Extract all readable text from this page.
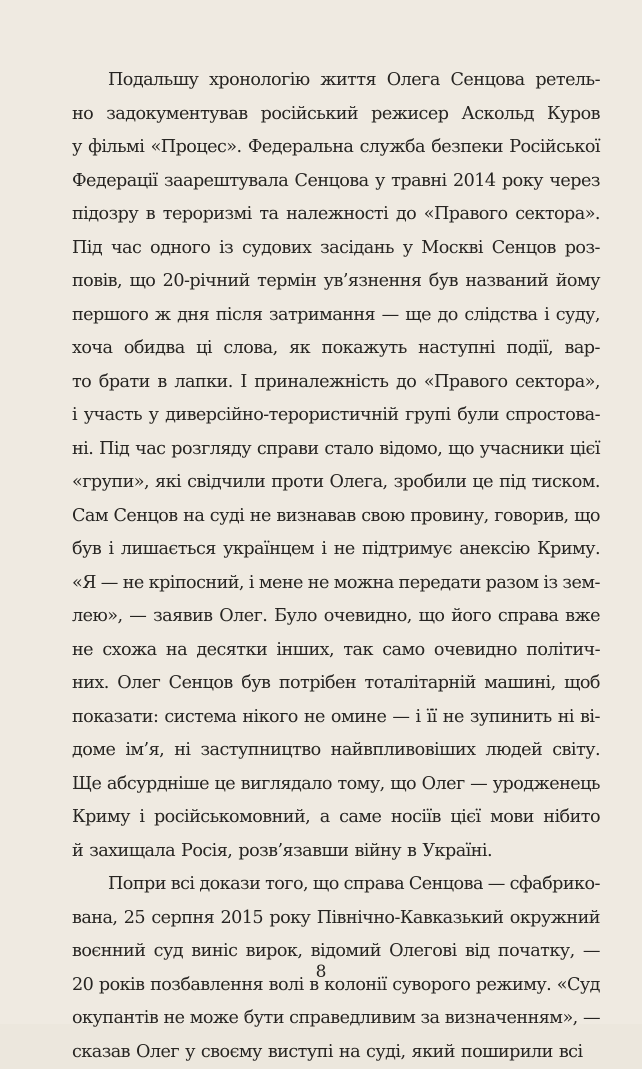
Подальшу хронологію життя Олега Сенцова ретель-
но задокументував російський режисер Аскольд Куров
у фільмі «Процес». Федеральна служба безпеки Російської
Федерації заарештувала Сенцова у травні 2014 року через
підозру в тероризмі та належності до «Правого сектора».
Під час одного із судових засідань у Москві Сенцов роз-
повів, що 20-річний термін ув’язнення був названий йому
першого ж дня після затримання — ще до слідства і суду,
хоча обидва ці слова, як покажуть наступні події, вар-
то брати в лапки. І приналежність до «Правого сектора»,
і участь у диверсійно-терористичній групі були спростова-
ні. Під час розгляду справи стало відомо, що учасники цієї
«групи», які свідчили проти Олега, зробили це під тиском.
Сам Сенцов на суді не визнавав свою провину, говорив, що
був і лишається українцем і не підтримує анексію Криму.
«Я — не кріпосний, і мене не можна передати разом із зем-
лею», — заявив Олег. Було очевидно, що його справа вже
не схожа на десятки інших, так само очевидно політич-
них. Олег Сенцов був потрібен тоталітарній машині, щоб
показати: система нікого не омине — і її не зупинить ні ві-
доме ім’я, ні заступництво найвпливовіших людей світу.
Ще абсурдніше це виглядало тому, що Олег — уродженець
Криму і російськомовний, а саме носіїв цієї мови нібито
й захищала Росія, розв’язавши війну в Україні.
Попри всі докази того, що справа Сенцова — сфабрико-
вана, 25 серпня 2015 року Північно-Кавказький окружний
воєнний суд виніс вирок, відомий Олегові від початку, —
20 років позбавлення волі в колонії суворого режиму. «Суд
окупантів не може бути справедливим за визначенням», —
сказав Олег у своєму виступі на суді, який поширили всі
8
